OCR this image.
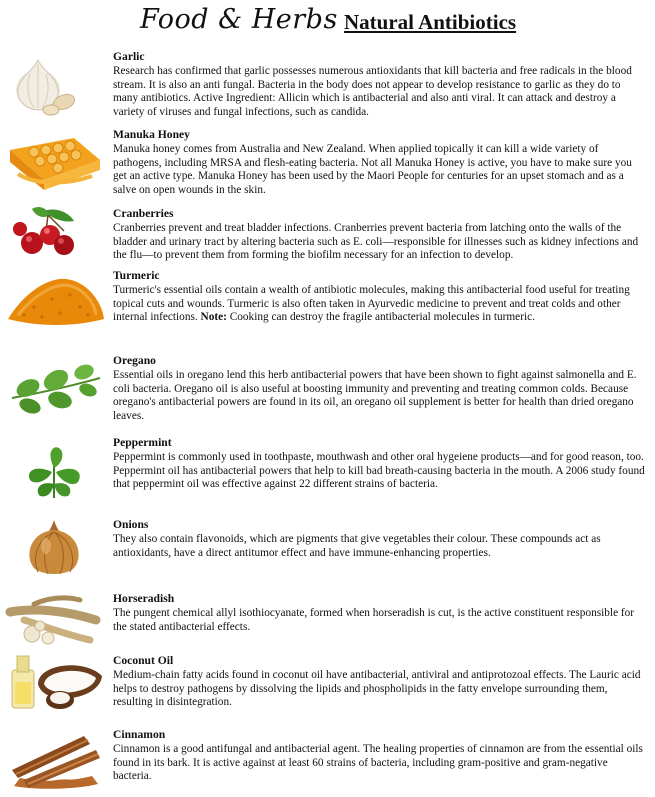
Food & Herbs Natural Antibiotics
Garlic
Research has confirmed that garlic possesses numerous antioxidants that kill bacteria and free radicals in the blood stream. It is also an anti fungal. Bacteria in the body does not appear to develop resistance to garlic as they do to many antibiotics. Active Ingredient: Allicin which is antibacterial and also anti viral. It can attack and destroy a variety of viruses and fungal infections, such as candida.
Manuka Honey
Manuka honey comes from Australia and New Zealand. When applied topically it can kill a wide variety of pathogens, including MRSA and flesh-eating bacteria. Not all Manuka Honey is active, you have to make sure you get an active type. Manuka Honey has been used by the Maori People for centuries for an upset stomach and as a salve on open wounds in the skin.
Cranberries
Cranberries prevent and treat bladder infections. Cranberries prevent bacteria from latching onto the walls of the bladder and urinary tract by altering bacteria such as E. coli—responsible for illnesses such as kidney infections and the flu—to prevent them from forming the biofilm necessary for an infection to develop.
Turmeric
Turmeric's essential oils contain a wealth of antibiotic molecules, making this antibacterial food useful for treating topical cuts and wounds. Turmeric is also often taken in Ayurvedic medicine to prevent and treat colds and other internal infections. Note: Cooking can destroy the fragile antibacterial molecules in turmeric.
Oregano
Essential oils in oregano lend this herb antibacterial powers that have been shown to fight against salmonella and E. coli bacteria. Oregano oil is also useful at boosting immunity and preventing and treating common colds. Because oregano's antibacterial powers are found in its oil, an oregano oil supplement is better for health than dried oregano leaves.
Peppermint
Peppermint is commonly used in toothpaste, mouthwash and other oral hygeiene products—and for good reason, too. Peppermint oil has antibacterial powers that help to kill bad breath-causing bacteria in the mouth. A 2006 study found that peppermint oil was effective against 22 different strains of bacteria.
Onions
They also contain flavonoids, which are pigments that give vegetables their colour. These compounds act as antioxidants, have a direct antitumor effect and have immune-enhancing properties.
Horseradish
The pungent chemical allyl isothiocyanate, formed when horseradish is cut, is the active constituent responsible for the stated antibacterial effects.
Coconut Oil
Medium-chain fatty acids found in coconut oil have antibacterial, antiviral and antiprotozoal effects. The Lauric acid helps to destroy pathogens by dissolving the lipids and phospholipids in the fatty envelope surrounding them, resulting in disintegration.
Cinnamon
Cinnamon is a good antifungal and antibacterial agent. The healing properties of cinnamon are from the essential oils found in its bark. It is active against at least 60 strains of bacteria, including gram-positive and gram-negative bacteria.
